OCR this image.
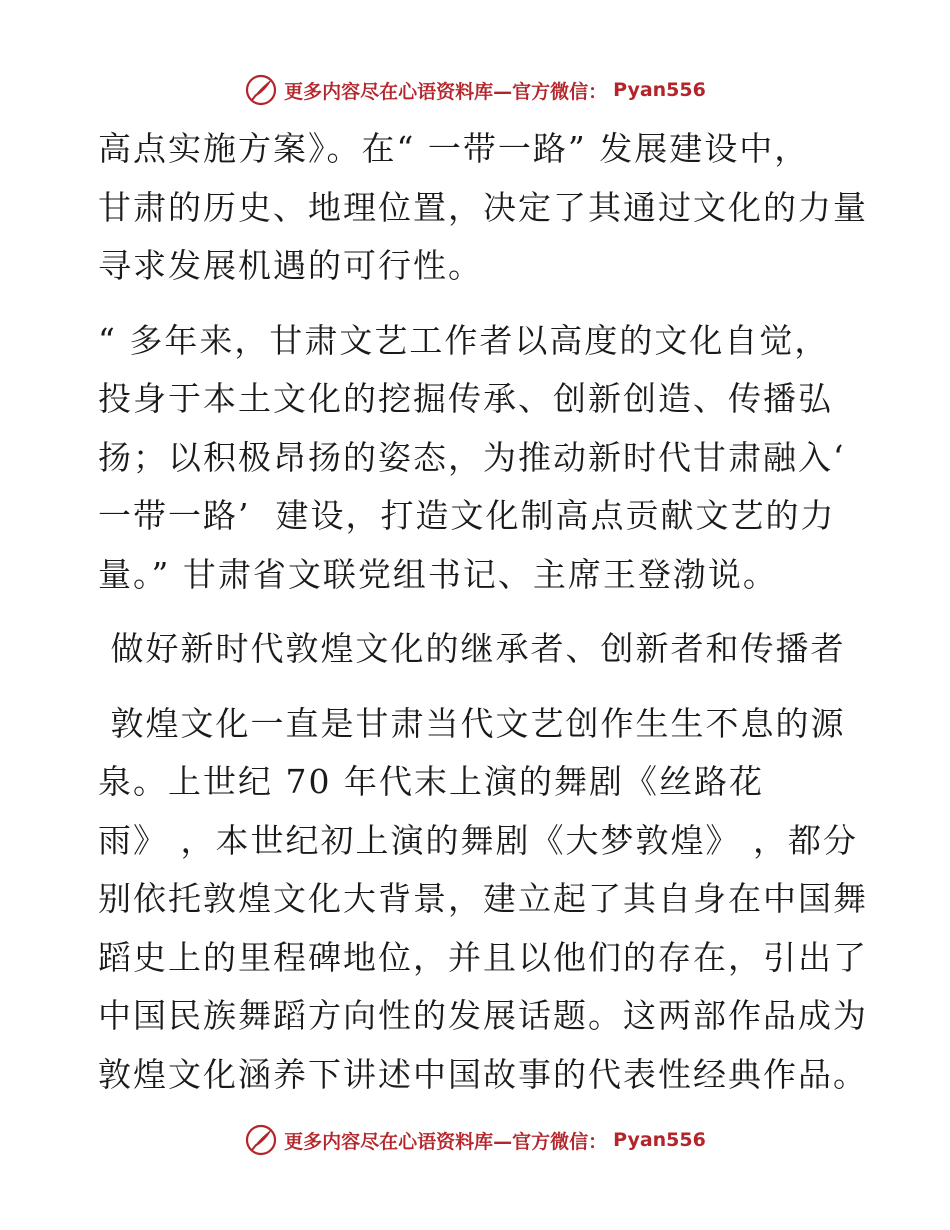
更多内容尽在心语资料库—官方微信： Pyan556
高点实施方案》。在“ 一带一路” 发展建设中，
甘肃的历史、地理位置，决定了其通过文化的力量
寻求发展机遇的可行性。
“ 多年来，甘肃文艺工作者以高度的文化自觉，
投身于本土文化的挖掘传承、创新创造、传播弘
扬；以积极昂扬的姿态，为推动新时代甘肃融入‘
一带一路’  建设，打造文化制高点贡献文艺的力
量。” 甘肃省文联党组书记、主席王登渤说。
做好新时代敦煌文化的继承者、创新者和传播者
敦煌文化一直是甘肃当代文艺创作生生不息的源
泉。上世纪 70 年代末上演的舞剧《丝路花
雨》 ，本世纪初上演的舞剧《大梦敦煌》 ，都分
别依托敦煌文化大背景，建立起了其自身在中国舞
蹈史上的里程碑地位，并且以他们的存在，引出了
中国民族舞蹈方向性的发展话题。这两部作品成为
敦煌文化涵养下讲述中国故事的代表性经典作品。
更多内容尽在心语资料库—官方微信： Pyan556
